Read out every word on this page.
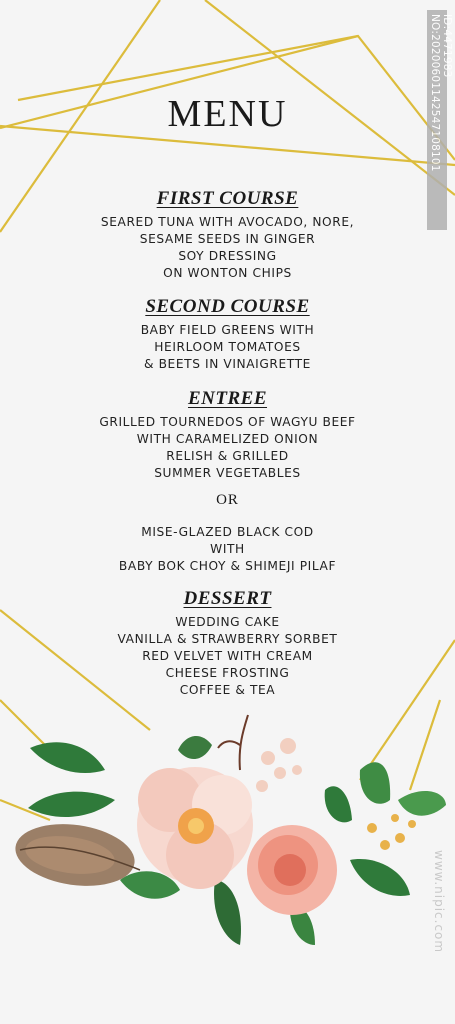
MENU
FIRST COURSE
SEARED TUNA WITH AVOCADO, NORE,
SESAME SEEDS IN GINGER
SOY DRESSING
ON WONTON CHIPS
SECOND COURSE
BABY FIELD GREENS WITH
HEIRLOOM TOMATOES
& BEETS IN VINAIGRETTE
ENTREE
GRILLED TOURNEDOS OF WAGYU BEEF
WITH CARAMELIZED ONION
RELISH & GRILLED
SUMMER VEGETABLES
OR
MISE-GLAZED BLACK COD
WITH
BABY BOK CHOY & SHIMEJI PILAF
DESSERT
WEDDING CAKE
VANILLA & STRAWBERRY SORBET
RED VELVET WITH CREAM
CHEESE FROSTING
COFFEE & TEA
ID:4471983 NO:20200601142547108101
www.nipic.com
